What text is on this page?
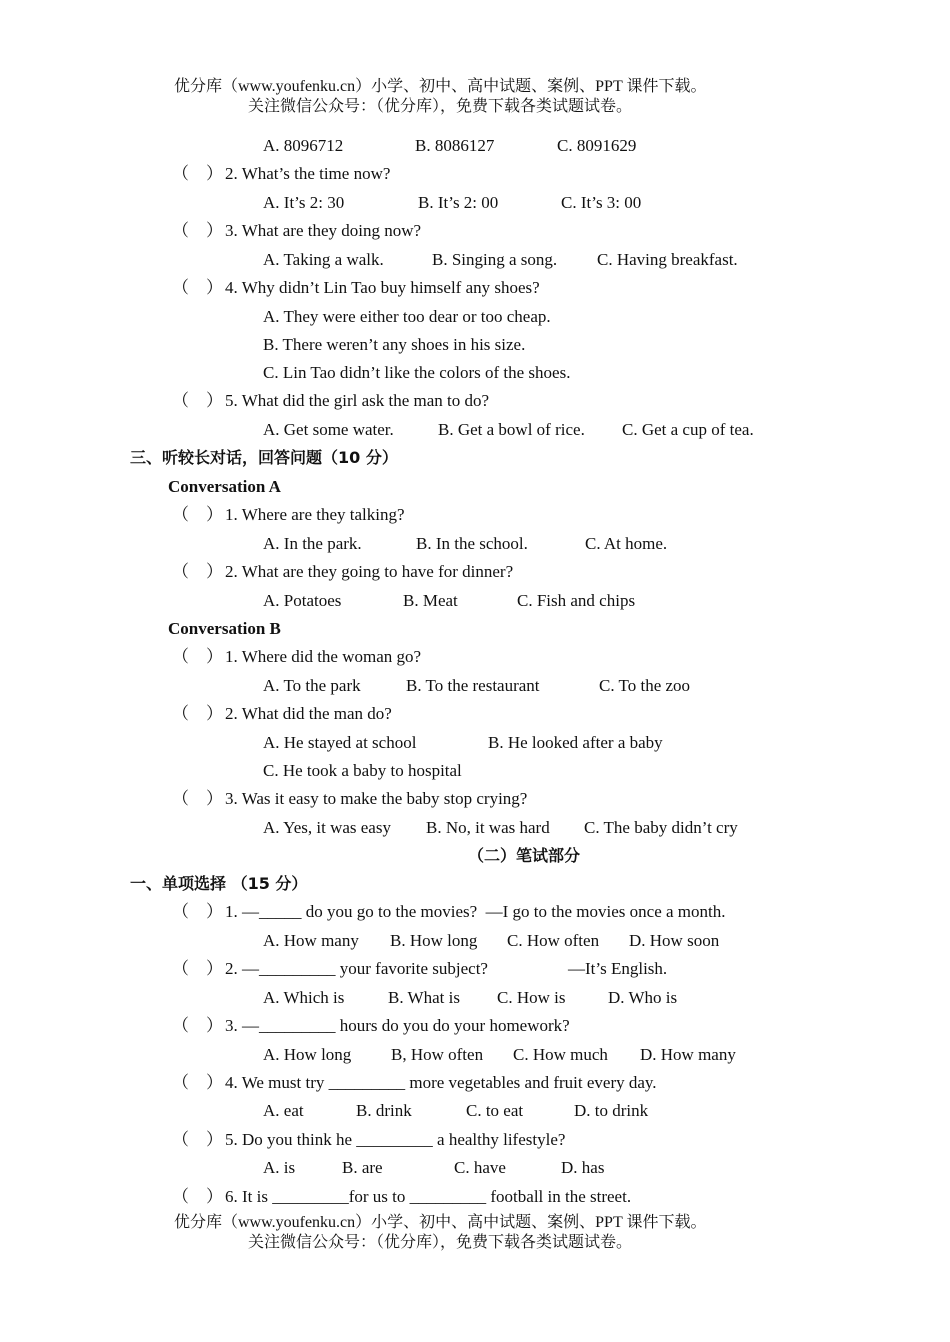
优分库（www.youfenku.cn）小学、初中、高中试题、案例、PPT 课件下载。
关注微信公众号：（优分库），免费下载各类试题试卷。
A. 8096712	B. 8086127	C. 8091629
（　） 2. What’s the time now?
A. It’s 2: 30	B. It’s 2: 00	C. It’s 3: 00
（　） 3. What are they doing now?
A. Taking a walk.	B. Singing a song. C. Having breakfast.
（　） 4. Why didn’t Lin Tao buy himself any shoes?
A. They were either too dear or too cheap.
B. There weren’t any shoes in his size.
C. Lin Tao didn’t like the colors of the shoes.
（　） 5. What did the girl ask the man to do?
A. Get some water.	B. Get a bowl of rice. C. Get a cup of tea.
三、听较长对话，回答问题（10 分）
Conversation A
（　） 1. Where are they talking?
A. In the park.	B. In the school.	C. At home.
（　） 2. What are they going to have for dinner?
A. Potatoes	B. Meat	C. Fish and chips
Conversation B
（　） 1. Where did the woman go?
A. To the park	B. To the restaurant	C. To the zoo
（　） 2. What did the man do?
A. He stayed at school	B. He looked after a baby
C. He took a baby to hospital
（　） 3. Was it easy to make the baby stop crying?
A. Yes, it was easy B. No, it was hard C. The baby didn’t cry
（二）笔试部分
一、单项选择 （15 分）
（　） 1. —_____ do you go to the movies?  —I go to the movies once a month.
A. How many B. How long C. How often D. How soon
（　） 2. —_________ your favorite subject?	—It’s English.
A. Which is	B. What is C. How is	D. Who is
（　） 3. —_________ hours do you do your homework?
A. How long B, How often C. How much D. How many
（　） 4. We must try _________ more vegetables and fruit every day.
A. eat	B. drink	C. to eat	D. to drink
（　） 5. Do you think he _________ a healthy lifestyle?
A. is	B. are	C. have	D. has
（　） 6. It is _________for us to _________ football in the street.
优分库（www.youfenku.cn）小学、初中、高中试题、案例、PPT 课件下载。
关注微信公众号：（优分库），免费下载各类试题试卷。
